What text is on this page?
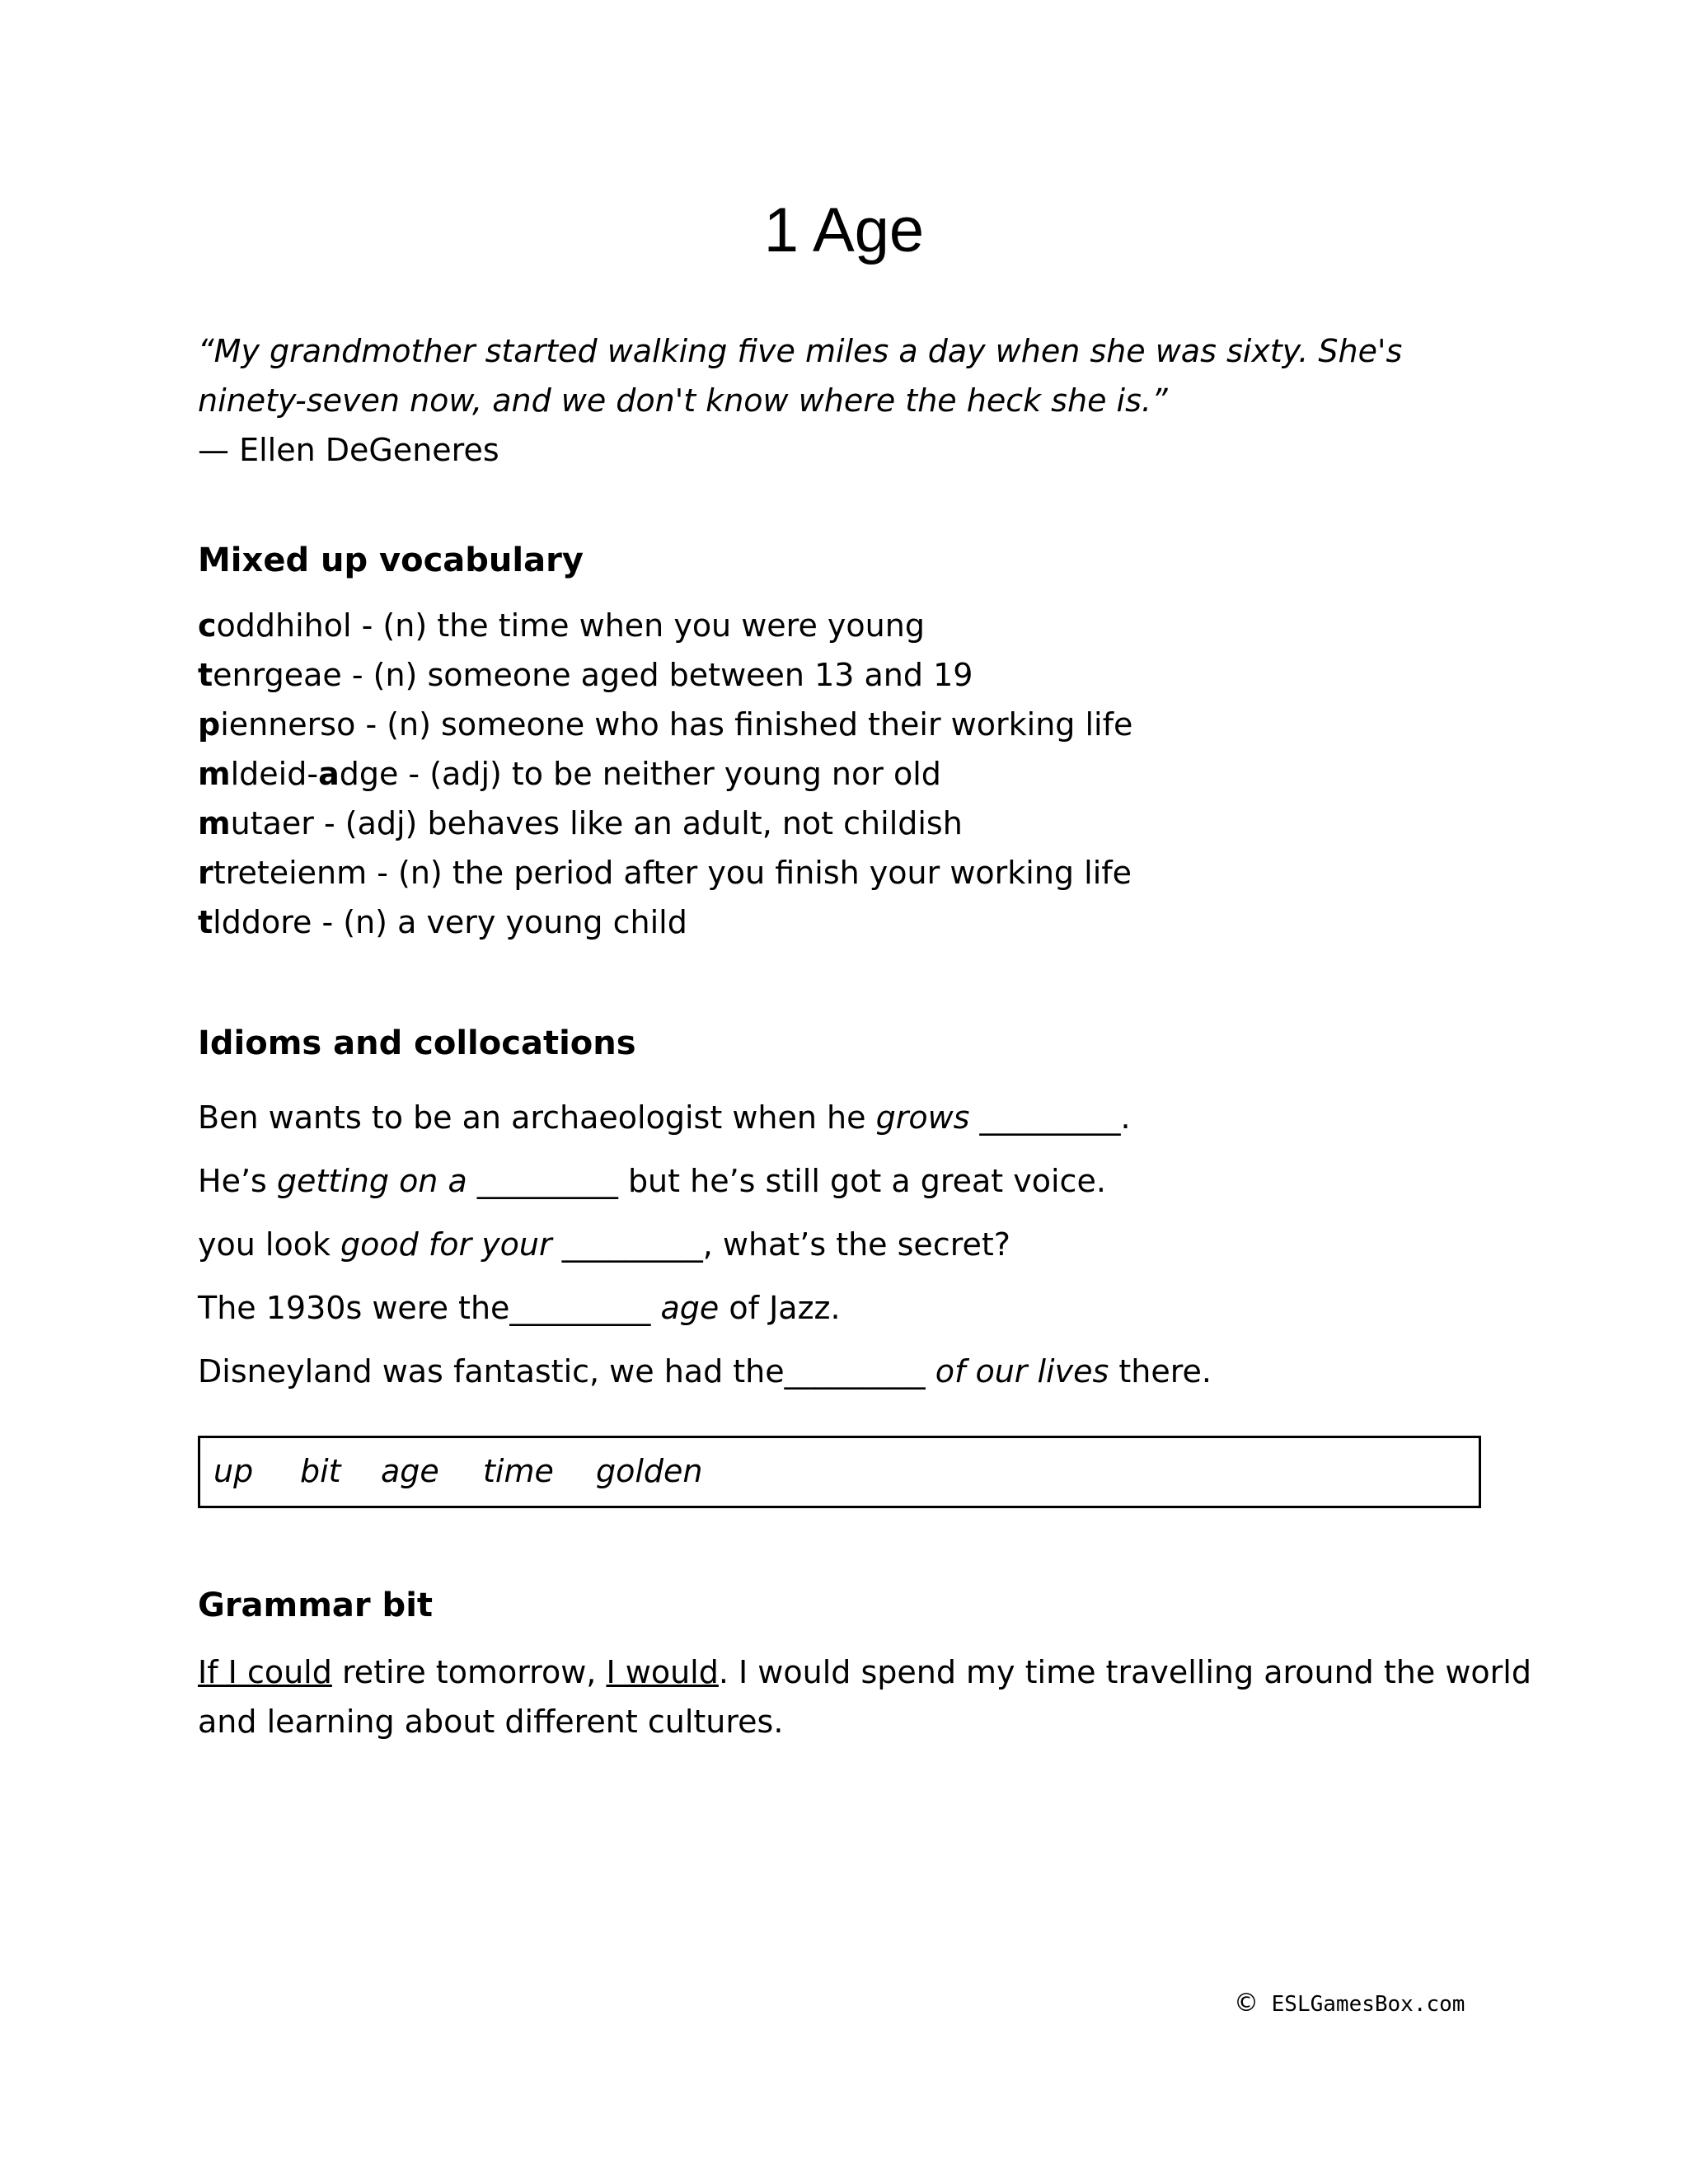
1 Age
“My grandmother started walking five miles a day when she was sixty. She's
ninety-seven now, and we don't know where the heck she is.”
— Ellen DeGeneres
Mixed up vocabulary
coddhihol - (n) the time when you were young
tenrgeae - (n) someone aged between 13 and 19
piennerso - (n) someone who has finished their working life
mldeid-adge - (adj) to be neither young nor old
mutaer - (adj) behaves like an adult, not childish
rtreteienm - (n) the period after you finish your working life
tlddore - (n) a very young child
Idioms and collocations
Ben wants to be an archaeologist when he grows _________.
He’s getting on a _________ but he’s still got a great voice.
you look good for your _________, what’s the secret?
The 1930s were the_________ age of Jazz.
Disneyland was fantastic, we had the_________ of our lives there.
up bit age time golden
Grammar bit
If I could retire tomorrow, I would. I would spend my time travelling around the world
and learning about different cultures.
© ESLGamesBox.com
